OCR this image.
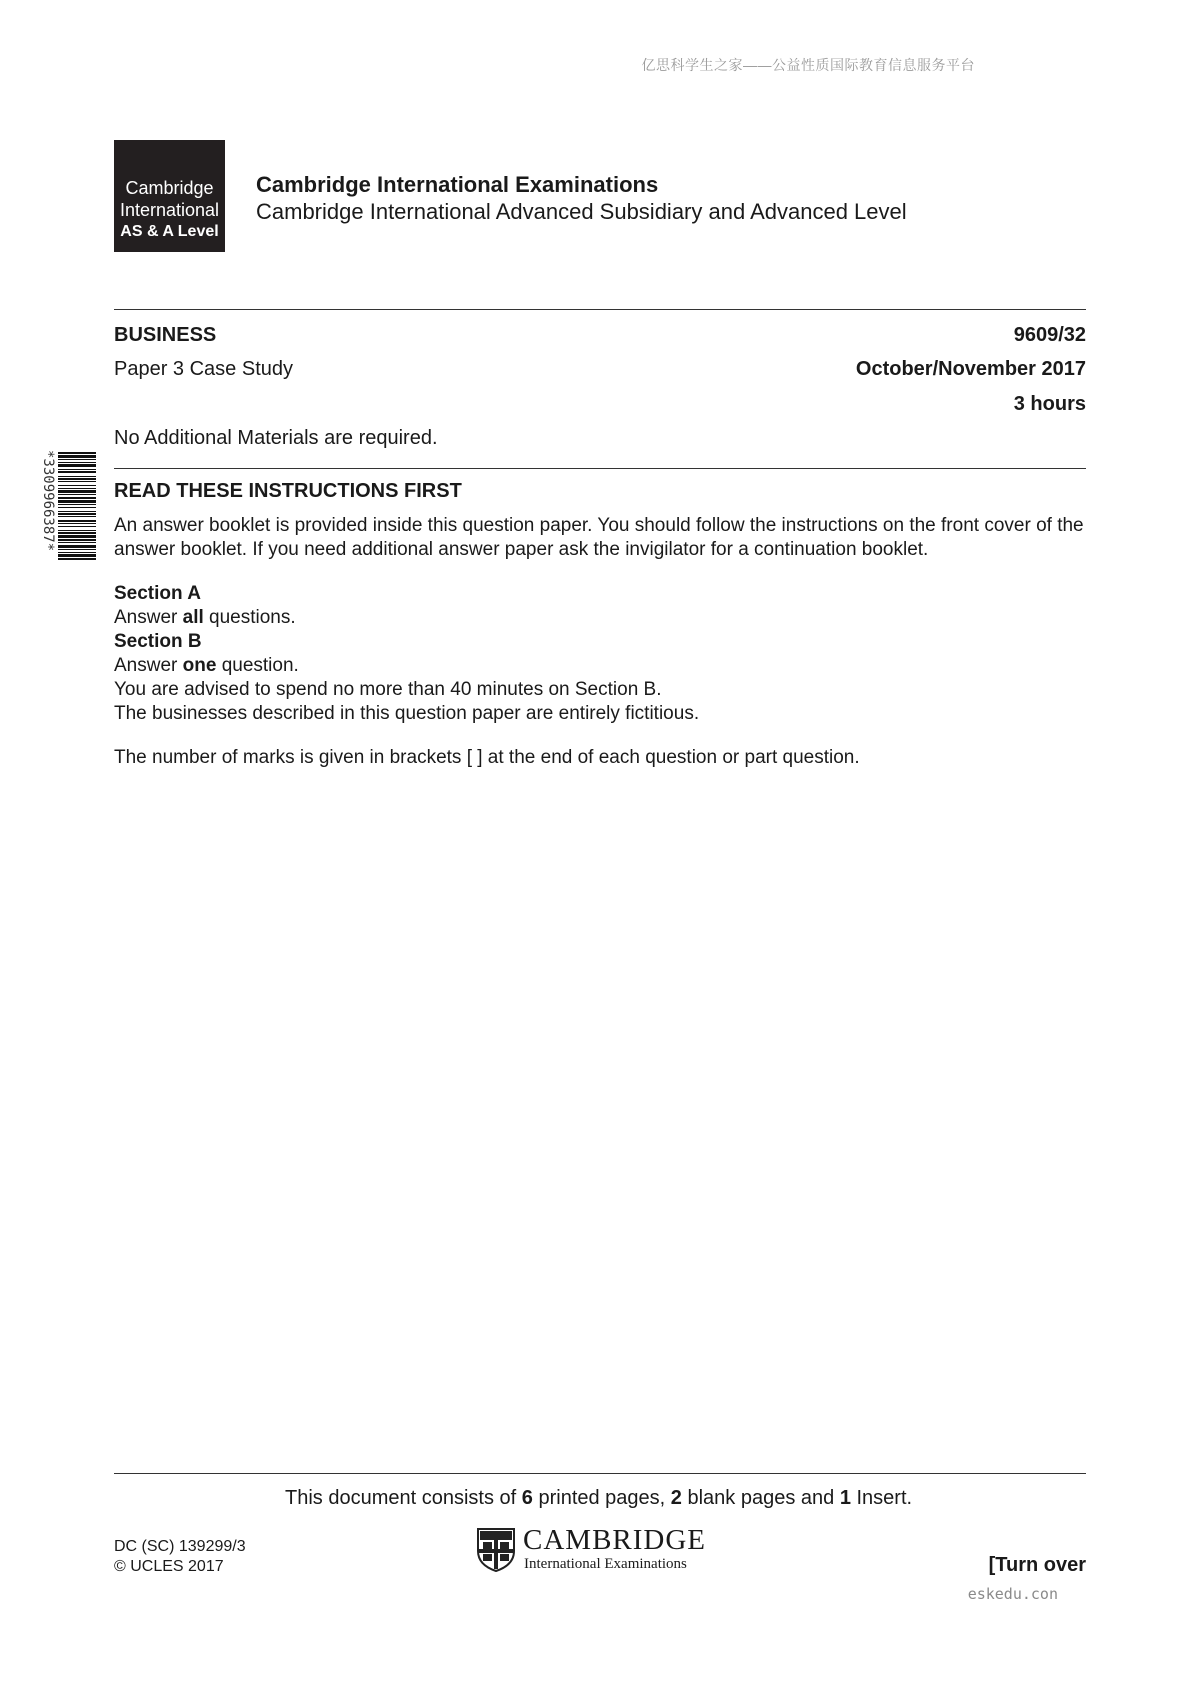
亿思科学生之家——公益性质国际教育信息服务平台
Cambridge
International
AS & A Level
Cambridge International Examinations
Cambridge International Advanced Subsidiary and Advanced Level
BUSINESS	9609/32
Paper 3 Case Study	October/November 2017
3 hours
No Additional Materials are required.
*3309966387*	READ THESE INSTRUCTIONS FIRST

An answer booklet is provided inside this question paper. You should follow the instructions on the front cover of the answer booklet. If you need additional answer paper ask the invigilator for a continuation booklet.

Section A
Answer all questions.
Section B
Answer one question.
You are advised to spend no more than 40 minutes on Section B.
The businesses described in this question paper are entirely fictitious.

The number of marks is given in brackets [ ] at the end of each question or part question.

This document consists of 6 printed pages, 2 blank pages and 1 Insert.
DC (SC) 139299/3
© UCLES 2017
CAMBRIDGE
International Examinations	[Turn over
eskedu.con
